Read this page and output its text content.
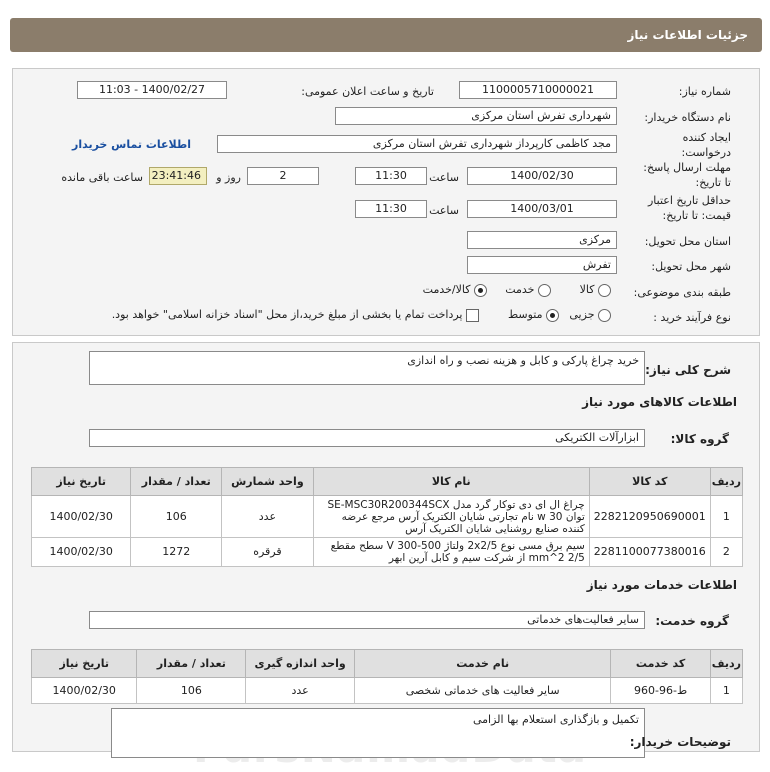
جزئیات اطلاعات نیاز
شماره نیاز:
1100005710000021
تاریخ و ساعت اعلان عمومی:
1400/02/27 - 11:03
نام دستگاه خریدار:
شهرداری تفرش استان مرکزی
ایجاد کننده
درخواست:
مجد کاظمی کارپرداز شهرداری تفرش استان مرکزی
اطلاعات تماس خریدار
مهلت ارسال پاسخ:
تا تاریخ:
1400/02/30
ساعت
11:30
2
روز و
23:41:46
ساعت باقی مانده
حداقل تاریخ اعتبار
قیمت: تا تاریخ:
1400/03/01
ساعت
11:30
استان محل تحویل:
مرکزی
شهر محل تحویل:
تفرش
طبقه بندی موضوعی:
کالا
خدمت
کالا/خدمت
نوع فرآیند خرید :
جزیی
متوسط
پرداخت تمام یا بخشی از مبلغ خرید،از محل "اسناد خزانه اسلامی" خواهد بود.
شرح کلی نیاز:
خرید چراغ پارکی و کابل و هزینه نصب و راه اندازی
اطلاعات کالاهای مورد نیاز
گروه کالا:
ابزارآلات الکتریکی
ردیف	کد کالا	نام کالا	واحد شمارش	تعداد / مقدار	تاریخ نیاز
1	2282120950690001	چراغ ال ای دی توکار گرد مدل SE-MSC30R200344SCX توان 30 w نام تجارتی شایان الکتریک آرس مرجع عرضه کننده صنایع روشنایی شایان الکتریک آرس	عدد	106	1400/02/30
2	2281100077380016	سیم برق مسی نوع 2x2/5 ولتاژ 500-300 V سطح مقطع 2/5 mm^2 از شرکت سیم و کابل آرین ابهر	قرقره	1272	1400/02/30
اطلاعات خدمات مورد نیاز
گروه خدمت:
سایر فعالیت‌های خدماتی
ردیف	کد خدمت	نام خدمت	واحد اندازه گیری	تعداد / مقدار	تاریخ نیاز
1	ط-96-960	سایر فعالیت های خدماتی شخصی	عدد	106	1400/02/30
تکمیل و بازگذاری استعلام بها الزامی
توضیحات خریدار:
